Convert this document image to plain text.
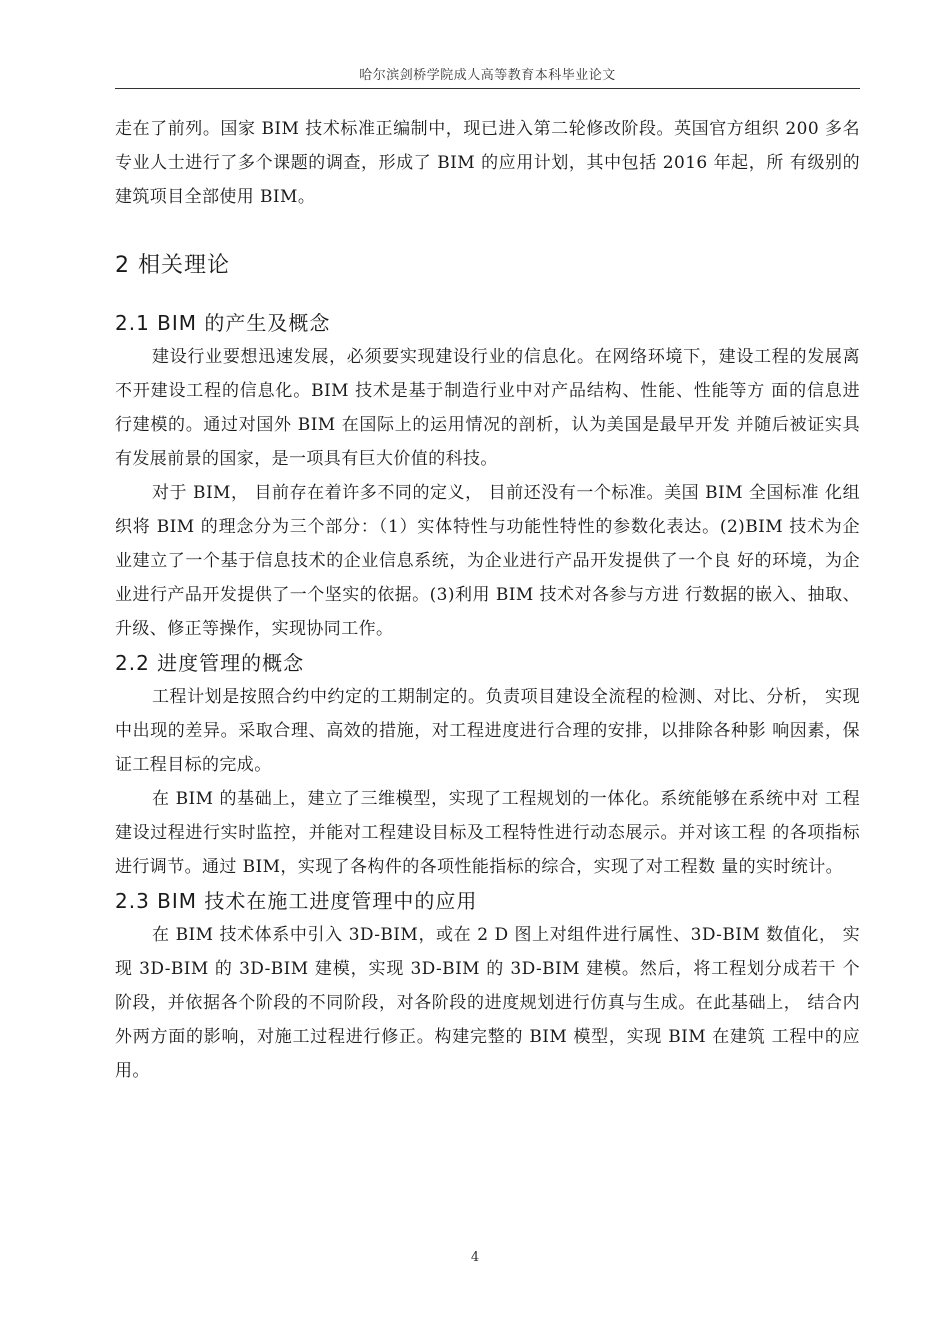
哈尔滨剑桥学院成人高等教育本科毕业论文

走在了前列。国家 BIM 技术标准正编制中，现已进入第二轮修改阶段。英国官方组织 200 多名专业人士进行了多个课题的调查，形成了 BIM 的应用计划，其中包括 2016 年起，所 有级别的建筑项目全部使用 BIM。

2 相关理论
2.1 BIM 的产生及概念

建设行业要想迅速发展，必须要实现建设行业的信息化。在网络环境下，建设工程的发展离不开建设工程的信息化。BIM 技术是基于制造行业中对产品结构、性能、性能等方 面的信息进行建模的。通过对国外 BIM 在国际上的运用情况的剖析，认为美国是最早开发 并随后被证实具有发展前景的国家，是一项具有巨大价值的科技。

对于 BIM， 目前存在着许多不同的定义， 目前还没有一个标准。美国 BIM 全国标准 化组织将 BIM 的理念分为三个部分：（1）实体特性与功能性特性的参数化表达。(2)BIM 技术为企业建立了一个基于信息技术的企业信息系统，为企业进行产品开发提供了一个良 好的环境，为企业进行产品开发提供了一个坚实的依据。(3)利用 BIM 技术对各参与方进 行数据的嵌入、抽取、升级、修正等操作，实现协同工作。

2.2 进度管理的概念

工程计划是按照合约中约定的工期制定的。负责项目建设全流程的检测、对比、分析， 实现中出现的差异。采取合理、高效的措施，对工程进度进行合理的安排，以排除各种影 响因素，保证工程目标的完成。

在 BIM 的基础上，建立了三维模型，实现了工程规划的一体化。系统能够在系统中对 工程建设过程进行实时监控，并能对工程建设目标及工程特性进行动态展示。并对该工程 的各项指标进行调节。通过 BIM，实现了各构件的各项性能指标的综合，实现了对工程数 量的实时统计。

2.3 BIM 技术在施工进度管理中的应用

在 BIM 技术体系中引入 3D-BIM，或在 2 D 图上对组件进行属性、3D-BIM 数值化， 实现 3D-BIM 的 3D-BIM 建模，实现 3D-BIM 的 3D-BIM 建模。然后，将工程划分成若干 个阶段，并依据各个阶段的不同阶段，对各阶段的进度规划进行仿真与生成。在此基础上， 结合内外两方面的影响，对施工过程进行修正。构建完整的 BIM 模型，实现 BIM 在建筑 工程中的应用。

4
